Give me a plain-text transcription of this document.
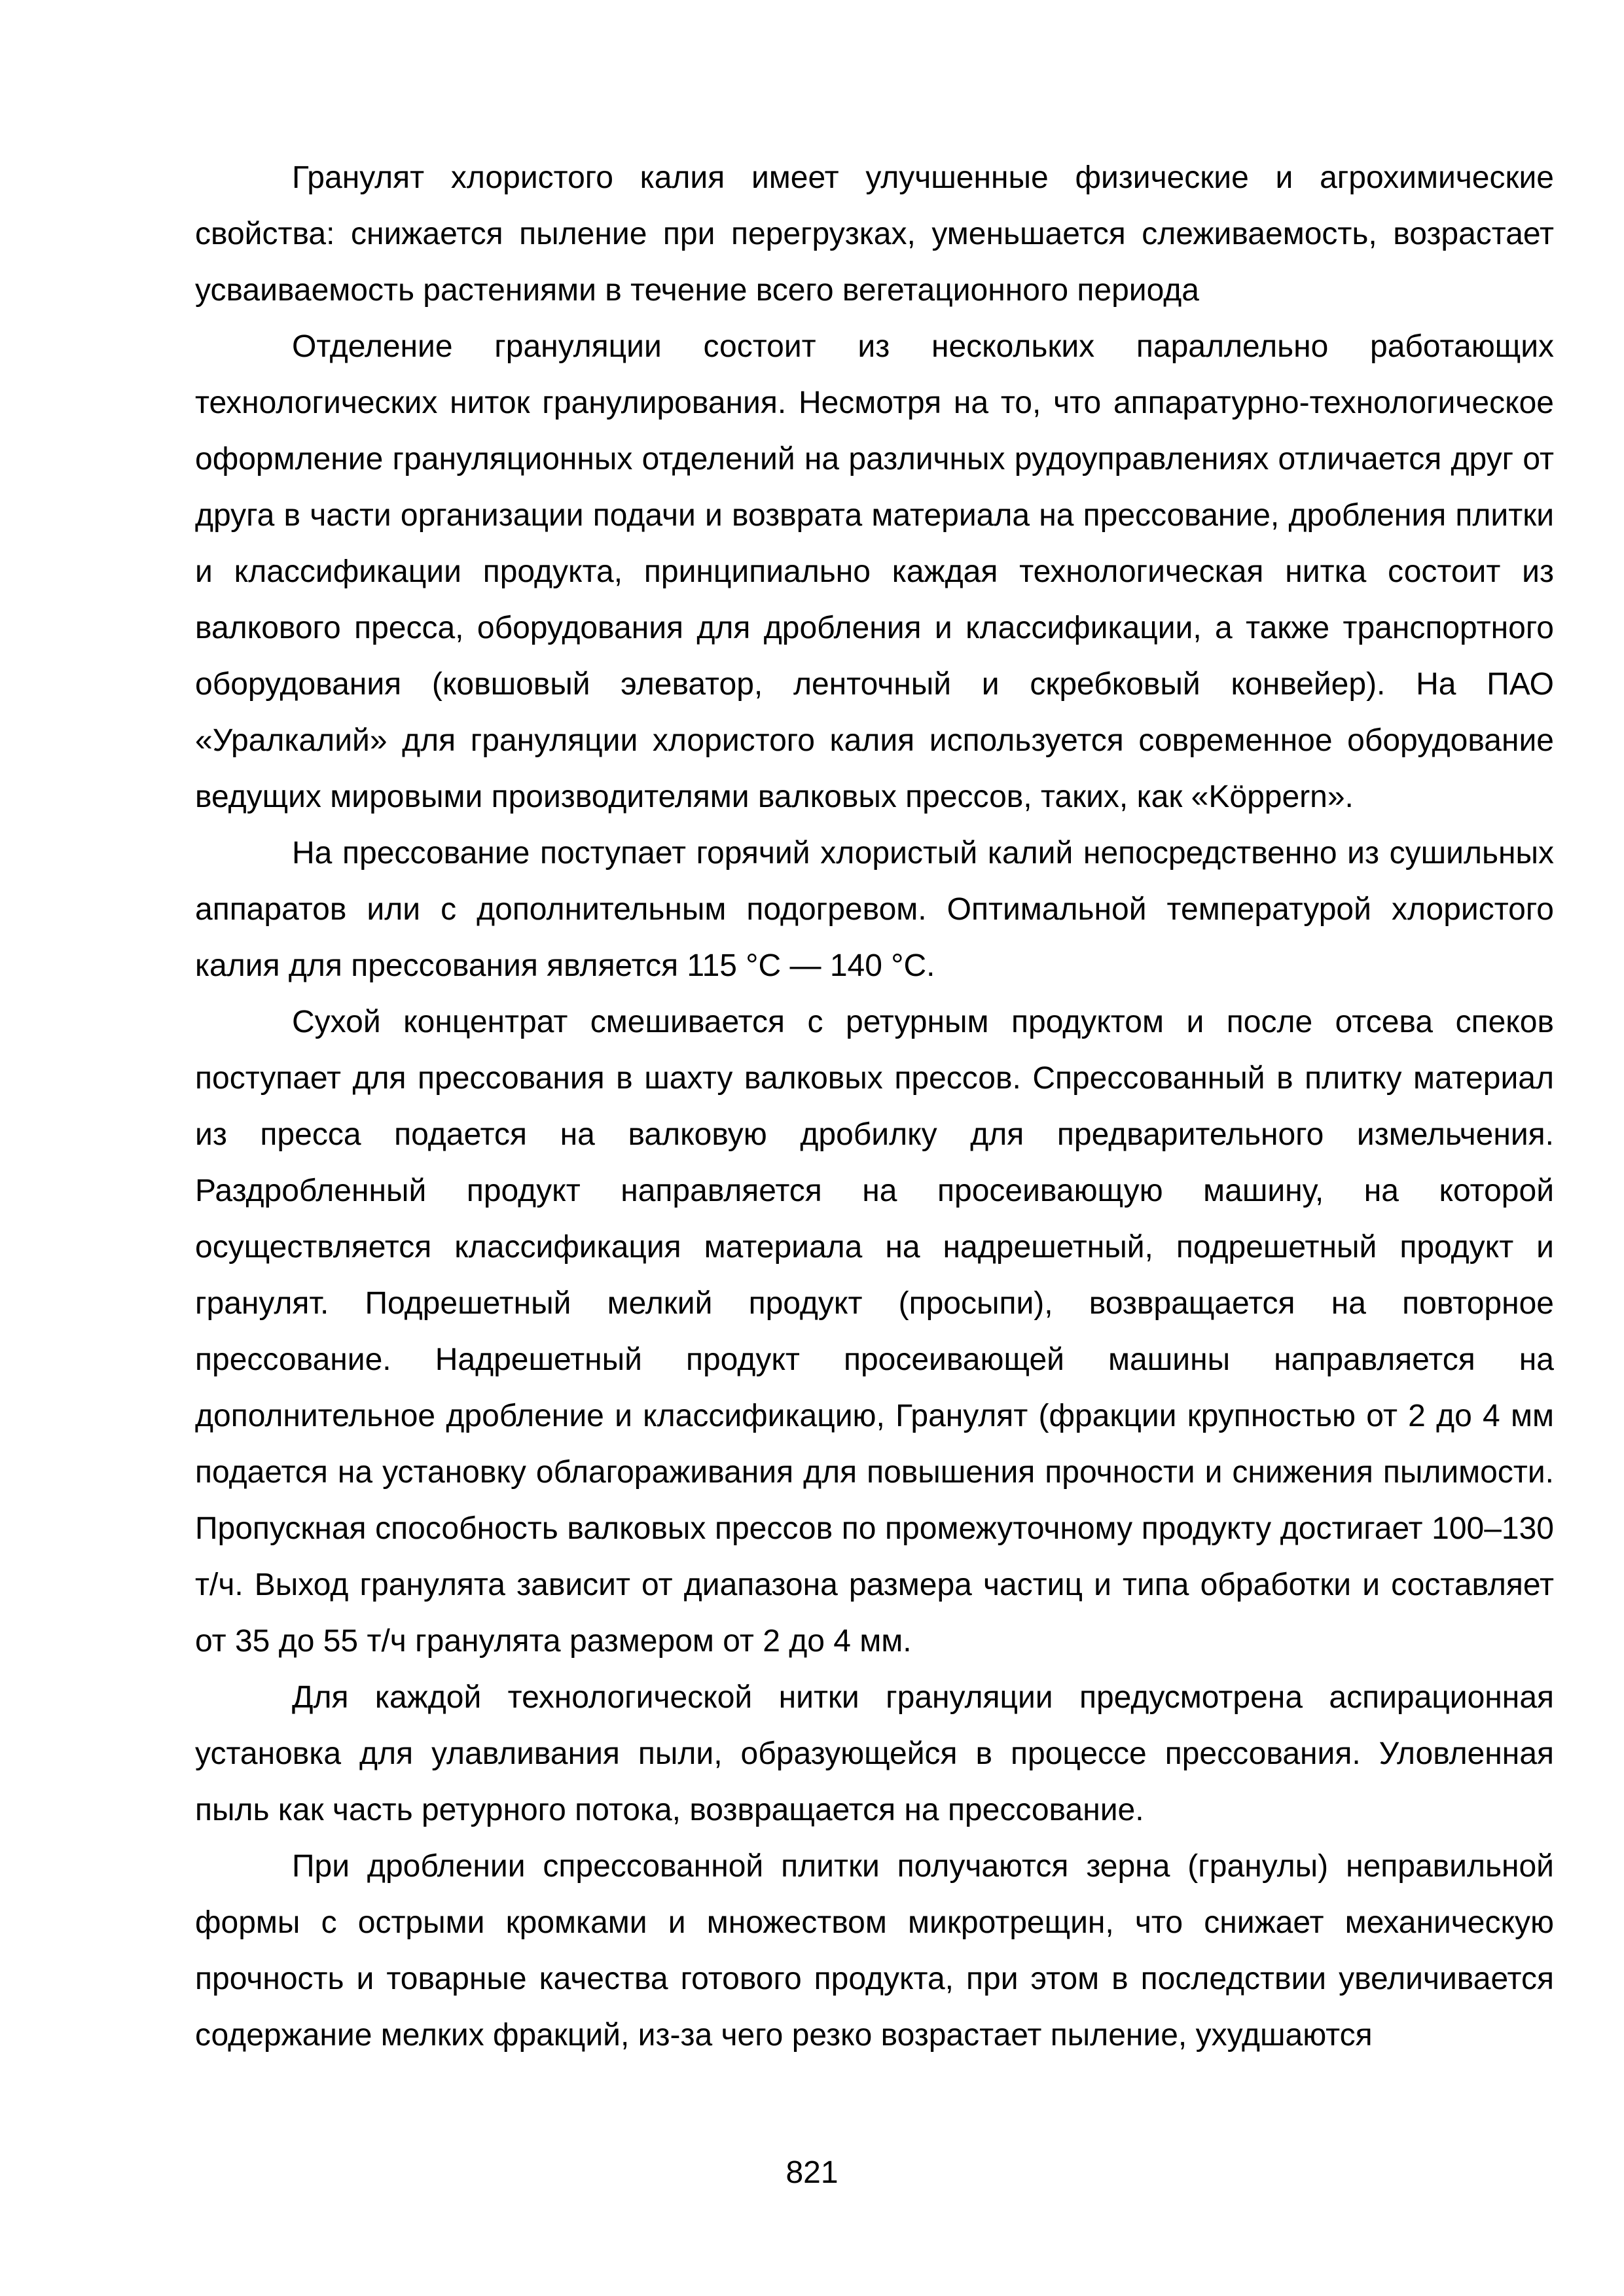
Гранулят хлористого калия имеет улучшенные физические и агрохимические свойства: снижается пыление при перегрузках, уменьшается слеживаемость, возрастает усваиваемость растениями в течение всего вегетационного периода

Отделение грануляции состоит из нескольких параллельно работающих технологических ниток гранулирования. Несмотря на то, что аппаратурно-технологическое оформление грануляционных отделений на различных рудоуправлениях отличается друг от друга в части организации подачи и возврата материала на прессование, дробления плитки и классификации продукта, принципиально каждая технологическая нитка состоит из валкового пресса, оборудования для дробления и классификации, а также транспортного оборудования (ковшовый элеватор, ленточный и скребковый конвейер). На ПАО «Уралкалий» для грануляции хлористого калия используется современное оборудование ведущих мировыми производителями валковых прессов, таких, как «Köppern».

На прессование поступает горячий хлористый калий непосредственно из сушильных аппаратов или с дополнительным подогревом. Оптимальной температурой хлористого калия для прессования является 115 °С — 140 °С.

Сухой концентрат смешивается с ретурным продуктом и после отсева спеков поступает для прессования в шахту валковых прессов. Спрессованный в плитку материал из пресса подается на валковую дробилку для предварительного измельчения. Раздробленный продукт направляется на просеивающую машину, на которой осуществляется классификация материала на надрешетный, подрешетный продукт и гранулят. Подрешетный мелкий продукт (просыпи), возвращается на повторное прессование. Надрешетный продукт просеивающей машины направляется на дополнительное дробление и классификацию, Гранулят (фракции крупностью от 2 до 4 мм подается на установку облагораживания для повышения прочности и снижения пылимости. Пропускная способность валковых прессов по промежуточному продукту достигает 100–130 т/ч. Выход гранулята зависит от диапазона размера частиц и типа обработки и составляет от 35 до 55 т/ч гранулята размером от 2 до 4 мм.

Для каждой технологической нитки грануляции предусмотрена аспирационная установка для улавливания пыли, образующейся в процессе прессования. Уловленная пыль как часть ретурного потока, возвращается на прессование.

При дроблении спрессованной плитки получаются зерна (гранулы) неправильной формы с острыми кромками и множеством микротрещин, что снижает механическую прочность и товарные качества готового продукта, при этом в последствии увеличивается содержание мелких фракций, из-за чего резко возрастает пыление, ухудшаются

821
